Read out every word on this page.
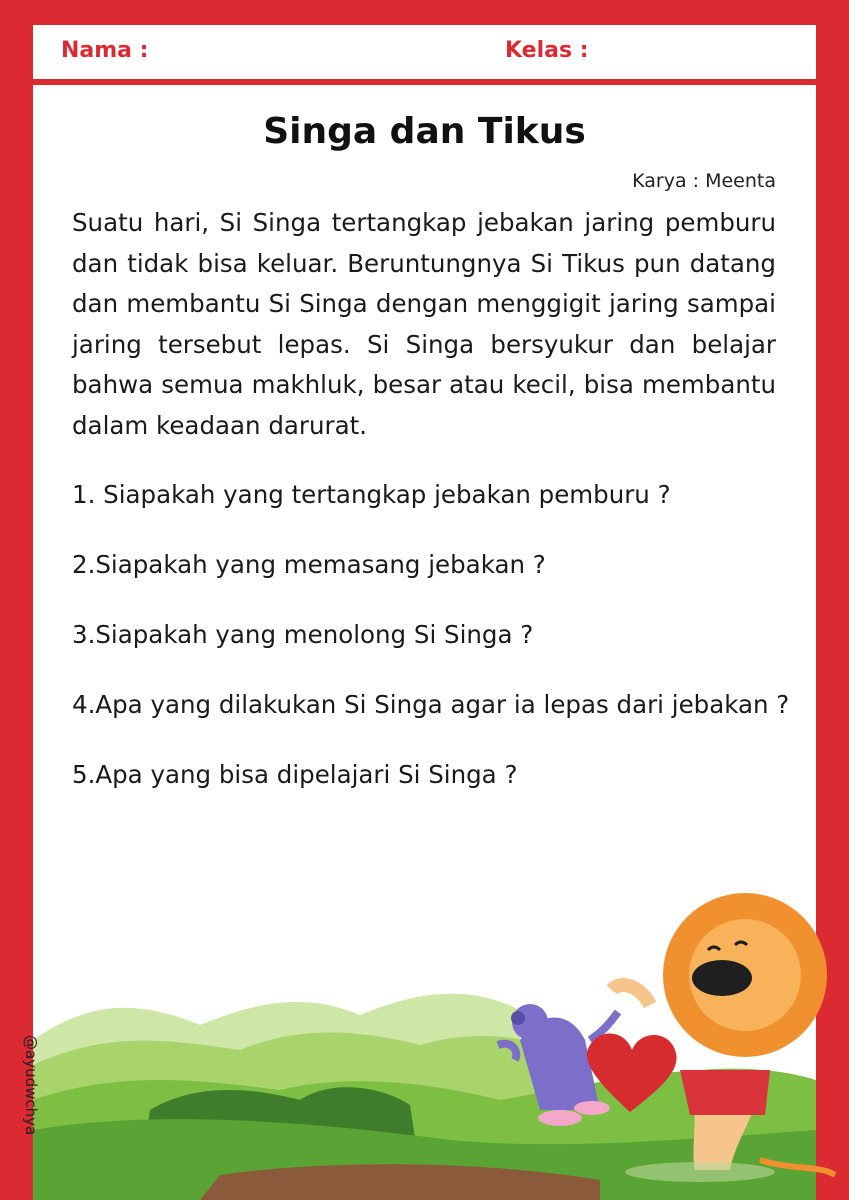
Nama :	Kelas :
Singa dan Tikus
Karya : Meenta
Suatu hari, Si Singa tertangkap jebakan jaring pemburu dan tidak bisa keluar. Beruntungnya Si Tikus pun datang dan membantu Si Singa dengan menggigit jaring sampai jaring tersebut lepas. Si Singa bersyukur dan belajar bahwa semua makhluk, besar atau kecil, bisa membantu dalam keadaan darurat.
1. Siapakah yang tertangkap jebakan pemburu ?
2.Siapakah yang memasang jebakan ?
3.Siapakah yang menolong Si Singa ?
4.Apa yang dilakukan Si Singa agar ia lepas dari jebakan ?
5.Apa yang bisa dipelajari Si Singa ?
@ayudwchya
